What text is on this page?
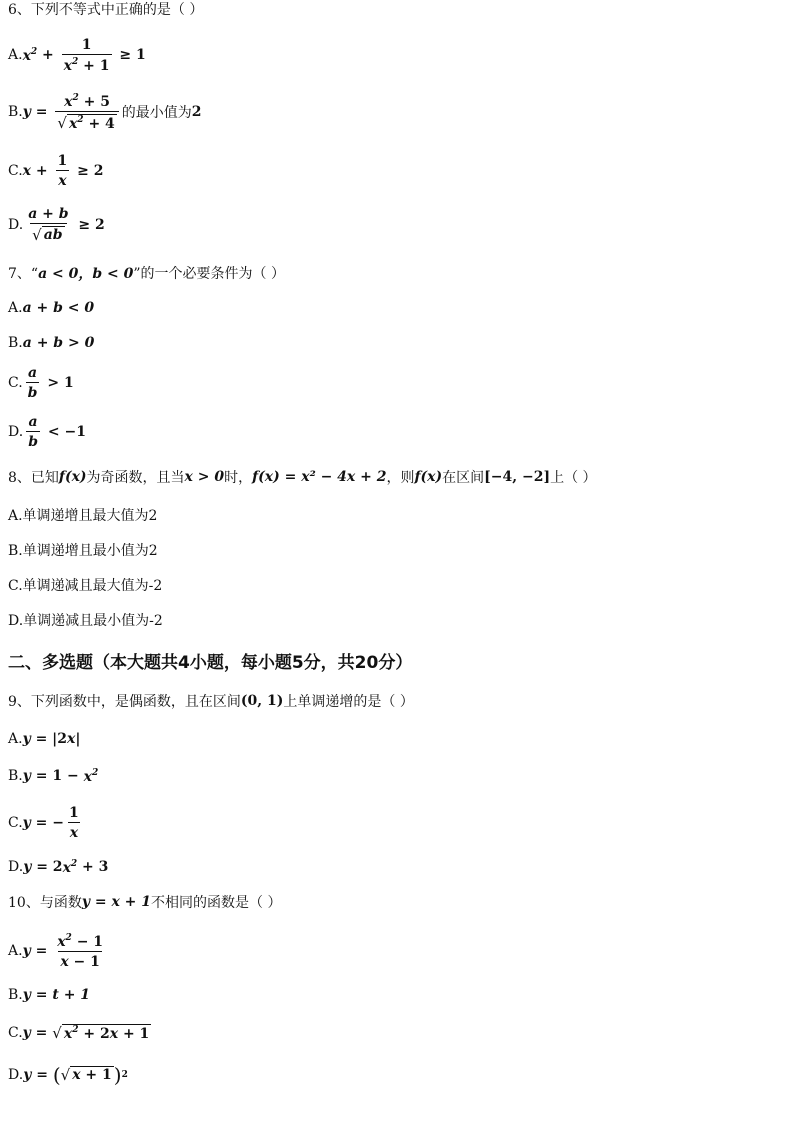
6、下列不等式中正确的是（ ）
A. $x^2 + \frac{1}{x^2 + 1} \ge 1$
B. $y = \frac{x^2 + 5}{√ x^2 + 4}$ 的最小值为 2
C. $x + \frac{1}{x} \ge 2$
D. $\frac{a + b}{√ ab} \ge 2$
7、“ a < 0，b < 0 ”的一个必要条件为（ ）
A. a + b < 0
B. a + b > 0
C. $\frac{a}{b} > 1$
D. $\frac{a}{b} < -1$
8、已知 f(x) 为奇函数，且当 x > 0 时， f(x) = x² − 4x + 2 ，则 f(x) 在区间 [−4, −2] 上（ ）
A.单调递增且最大值为2
B.单调递增且最小值为2
C.单调递减且最大值为-2
D.单调递减且最小值为-2
二、多选题（本大题共4小题，每小题5分，共20分）
9、下列函数中，是偶函数，且在区间 (0, 1) 上单调递增的是（ ）
A. y = |2 x |
B. $y = 1 - x^2$
C. y = − $\frac{1}{x}$
D. y = 2 $x^2 + 3$
10、与函数 y = x + 1 不相同的函数是（ ）
A. $y = \frac{x^2 - 1}{x - 1}$
B. y = t + 1
C. y = √ $x^2 + 2x + 1$
D. y = ( √ x + 1 ) 2
